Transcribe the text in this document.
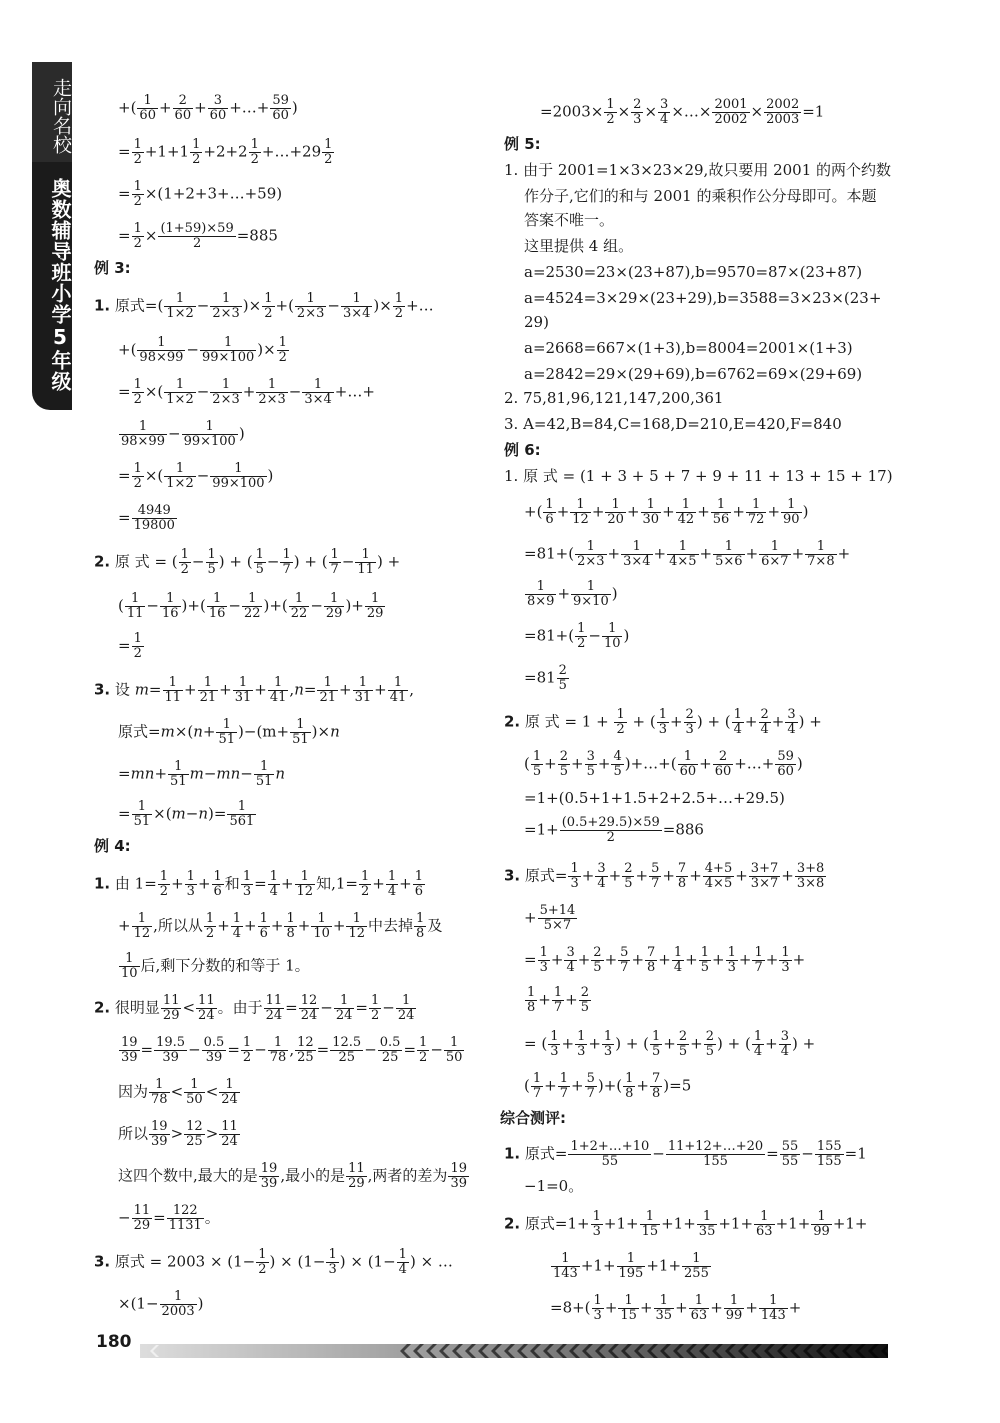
走向名校
奥数辅导班小学5年级
+( $\frac{1}{60} + \frac{2}{60} + \frac{3}{60}$ +…+ $\frac{59}{60}$ )
= $\frac{1}{2} +1+1 \frac{1}{2} +2+2 \frac{1}{2}$ +…+29 $\frac{1}{2}$
= $\frac{1}{2}$ ×(1+2+3+…+59)
= $\frac{1}{2} \times \frac{(1+59)\times 59}{2} =885$
例 3:
1. 原式=( $\frac{1}{1\times 2} - \frac{1}{2\times 3}$ )× $\frac{1}{2}$ +( $\frac{1}{2\times 3} - \frac{1}{3\times 4}$ )× $\frac{1}{2}$ +…
+( $\frac{1}{98\times 99} - \frac{1}{99\times 100}$ )× $\frac{1}{2}$
= $\frac{1}{2}$ ×( $\frac{1}{1\times 2} - \frac{1}{2\times 3} + \frac{1}{2\times 3} - \frac{1}{3\times 4}$ +…+
$\frac{1}{98\times 99} - \frac{1}{99\times 100}$ )
= $\frac{1}{2}$ ×( $\frac{1}{1\times 2} - \frac{1}{99\times 100}$ )
= $\frac{4949}{19800}$
2. 原 式 = ( $\frac{1}{2} - \frac{1}{5}$ ) + ( $\frac{1}{5} - \frac{1}{7}$ ) + ( $\frac{1}{7} - \frac{1}{11}$ ) +
( $\frac{1}{11} - \frac{1}{16}$ )+( $\frac{1}{16} - \frac{1}{22}$ )+( $\frac{1}{22} - \frac{1}{29}$ )+ $\frac{1}{29}$
= $\frac{1}{2}$
3. 设 $m= \frac{1}{11} + \frac{1}{21} + \frac{1}{31} + \frac{1}{41} ,n= \frac{1}{21} + \frac{1}{31} + \frac{1}{41}$ ,
原式$=m\times(n+ \frac{1}{51} )-(m+ \frac{1}{51} )\times n$
$=mn+ \frac{1}{51} m-mn- \frac{1}{51}$ n
= $\frac{1}{51} \times(m-n)= \frac{1}{561}$
例 4:
1. 由 $1= \frac{1}{2} + \frac{1}{3} + \frac{1}{6}$ 和 $\frac{1}{3} = \frac{1}{4} + \frac{1}{12}$ 知$,1= \frac{1}{2} + \frac{1}{4} + \frac{1}{6}$
+ $\frac{1}{12}$ ,所以从 $\frac{1}{2} + \frac{1}{4} + \frac{1}{6} + \frac{1}{8} + \frac{1}{10} + \frac{1}{12}$ 中去掉 $\frac{1}{8}$ 及
$\frac{1}{10}$ 后,剩下分数的和等于 1。
2. 很明显 $\frac{11}{29} < \frac{11}{24}$ 。由于 $\frac{11}{24} = \frac{12}{24} - \frac{1}{24} = \frac{1}{2} - \frac{1}{24}$
$\frac{19}{39} = \frac{19.5}{39} - \frac{0.5}{39} = \frac{1}{2} - \frac{1}{78}$ , $\frac{12}{25} = \frac{12.5}{25} - \frac{0.5}{25} = \frac{1}{2} - \frac{1}{50}$
因为 $\frac{1}{78} < \frac{1}{50} < \frac{1}{24}$
所以 $\frac{19}{39} > \frac{12}{25} > \frac{11}{24}$
这四个数中,最大的是 $\frac{19}{39}$ ,最小的是 $\frac{11}{29}$ ,两者的差为 $\frac{19}{39}$
− $\frac{11}{29} = \frac{122}{1131}$ 。
3. 原式 = $2003 \times (1- \frac{1}{2}$ ) × ($1- \frac{1}{3}$ ) × ($1- \frac{1}{4}$ ) × …
$\times(1- \frac{1}{2003}$ )
$=2003\times \frac{1}{2} \times \frac{2}{3} \times \frac{3}{4}$ ×…× $\frac{2001}{2002} \times \frac{2002}{2003} =1$
例 5:
1. 由于 2001=1×3×23×29,故只要用 2001 的两个约数
作分子,它们的和与 2001 的乘积作公分母即可。本题
答案不唯一。
这里提供 4 组。
a=2530=23×(23+87),b=9570=87×(23+87)
a=4524=3×29×(23+29),b=3588=3×23×(23+
29)
a=2668=667×(1+3),b=8004=2001×(1+3)
a=2842=29×(29+69),b=6762=69×(29+69)
2. 75,81,96,121,147,200,361
3. A=42,B=84,C=168,D=210,E=420,F=840
例 6:
1. 原 式 = (1 + 3 + 5 + 7 + 9 + 11 + 13 + 15 + 17)
+( $\frac{1}{6} + \frac{1}{12} + \frac{1}{20} + \frac{1}{30} + \frac{1}{42} + \frac{1}{56} + \frac{1}{72} + \frac{1}{90}$ )
$=81+( \frac{1}{2\times 3} + \frac{1}{3\times 4} + \frac{1}{4\times 5} + \frac{1}{5\times 6} + \frac{1}{6\times 7} + \frac{1}{7\times 8}$ +
$\frac{1}{8\times 9} + \frac{1}{9\times 10}$ )
$=81+( \frac{1}{2} - \frac{1}{10}$ )
$=81 \frac{2}{5}$
2. 原 式 = $1 + \frac{1}{2}$ + ( $\frac{1}{3} + \frac{2}{3}$ ) + ( $\frac{1}{4} + \frac{2}{4} + \frac{3}{4}$ ) +
( $\frac{1}{5} + \frac{2}{5} + \frac{3}{5} + \frac{4}{5}$ )+…+( $\frac{1}{60} + \frac{2}{60}$ +…+ $\frac{59}{60}$ )
=1+(0.5+1+1.5+2+2.5+…+29.5)
$=1+ \frac{(0.5+29.5)\times 59}{2} =886$
3. 原式= $\frac{1}{3} + \frac{3}{4} + \frac{2}{5} + \frac{5}{7} + \frac{7}{8} + \frac{4+5}{4\times 5} + \frac{3+7}{3\times 7} + \frac{3+8}{3\times 8}$
+ $\frac{5+14}{5\times 7}$
= $\frac{1}{3} + \frac{3}{4} + \frac{2}{5} + \frac{5}{7} + \frac{7}{8} + \frac{1}{4} + \frac{1}{5} + \frac{1}{3} + \frac{1}{7} + \frac{1}{3}$ +
$\frac{1}{8} + \frac{1}{7} + \frac{2}{5}$
= ( $\frac{1}{3} + \frac{1}{3} + \frac{1}{3}$ ) + ( $\frac{1}{5} + \frac{2}{5} + \frac{2}{5}$ ) + ( $\frac{1}{4} + \frac{3}{4}$ ) +
( $\frac{1}{7} + \frac{1}{7} + \frac{5}{7}$ )+( $\frac{1}{8} + \frac{7}{8} )=5$
综合测评:
1. 原式= $\frac{1+2+\dots+10}{55} - \frac{11+12+\dots+20}{155} = \frac{55}{55} - \frac{155}{155} =1$
−1=0。
2. 原式$=1+ \frac{1}{3} +1+ \frac{1}{15} +1+ \frac{1}{35} +1+ \frac{1}{63} +1+ \frac{1}{99} +1+$
$\frac{1}{143} +1+ \frac{1}{195} +1+ \frac{1}{255}$
$=8+( \frac{1}{3} + \frac{1}{15} + \frac{1}{35} + \frac{1}{63} + \frac{1}{99} + \frac{1}{143}$ +
180
